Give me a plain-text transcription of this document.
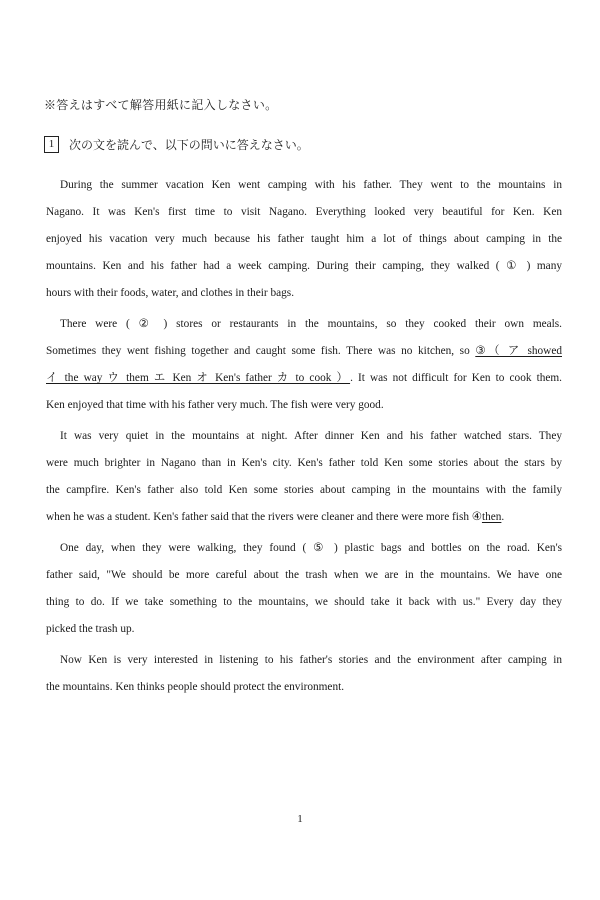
※答えはすべて解答用紙に記入しなさい。
1	次の文を読んで、以下の問いに答えなさい。
During the summer vacation Ken went camping with his father. They went to the mountains in
Nagano. It was Ken's first time to visit Nagano. Everything looked very beautiful for Ken. Ken
enjoyed his vacation very much because his father taught him a lot of things about camping in the
mountains. Ken and his father had a week camping. During their camping, they walked ( ① ) many
hours with their foods, water, and clothes in their bags.
There were ( ② ) stores or restaurants in the mountains, so they cooked their own meals.
Sometimes they went fishing together and caught some fish. There was no kitchen, so ③（ ア showed
イ the way ウ them エ Ken オ Ken's father カ to cook ）. It was not difficult for Ken to cook them.
Ken enjoyed that time with his father very much. The fish were very good.
It was very quiet in the mountains at night. After dinner Ken and his father watched stars. They
were much brighter in Nagano than in Ken's city. Ken's father told Ken some stories about the stars by
the campfire. Ken's father also told Ken some stories about camping in the mountains with the family
when he was a student. Ken's father said that the rivers were cleaner and there were more fish ④then.
One day, when they were walking, they found ( ⑤ ) plastic bags and bottles on the road. Ken's
father said, "We should be more careful about the trash when we are in the mountains. We have one
thing to do. If we take something to the mountains, we should take it back with us." Every day they
picked the trash up.
Now Ken is very interested in listening to his father's stories and the environment after camping in
the mountains. Ken thinks people should protect the environment.
1
